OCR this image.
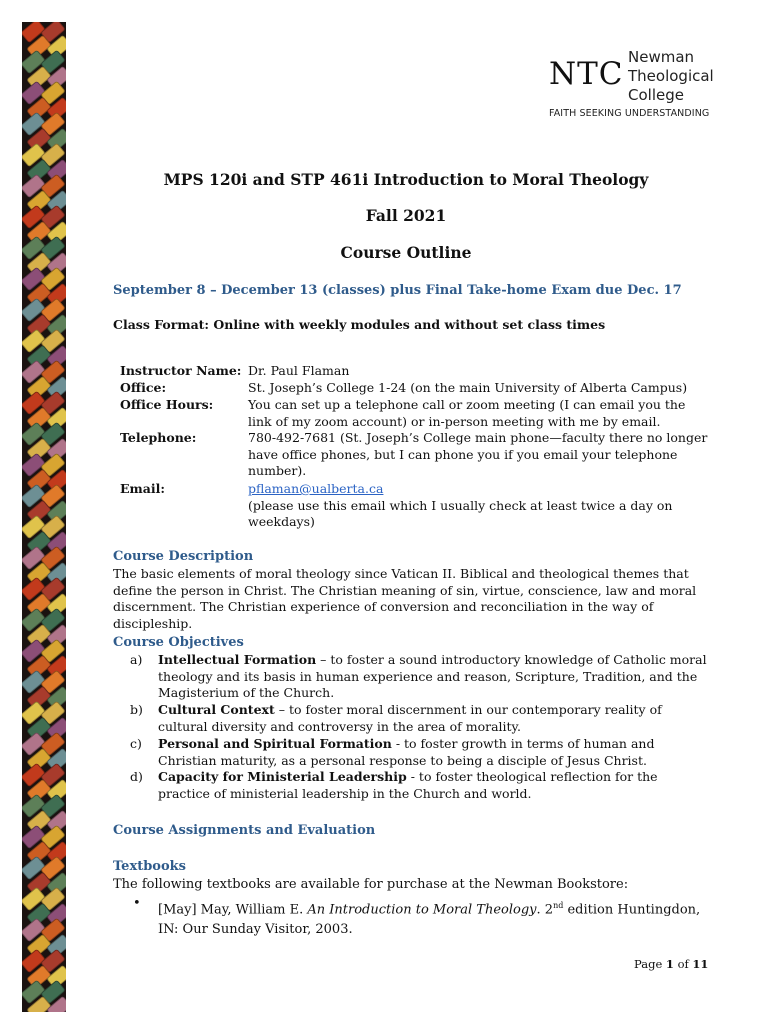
NTC Newman
Theological
College
FAITH SEEKING UNDERSTANDING
MPS 120i and STP 461i Introduction to Moral Theology
Fall 2021
Course Outline
September 8 – December 13 (classes) plus Final Take-home Exam due Dec. 17
Class Format: Online with weekly modules and without set class times
Instructor Name: Dr. Paul Flaman
Office:	St. Joseph’s College 1-24 (on the main University of Alberta Campus)
Office Hours:	You can set up a telephone call or zoom meeting (I can email you the link of my zoom account) or in-person meeting with me by email.
Telephone:	780-492-7681 (St. Joseph’s College main phone—faculty there no longer have office phones, but I can phone you if you email your telephone number).
Email:	pflaman@ualberta.ca
(please use this email which I usually check at least twice a day on weekdays)
Course Description
The basic elements of moral theology since Vatican II. Biblical and theological themes that define the person in Christ. The Christian meaning of sin, virtue, conscience, law and moral discernment. The Christian experience of conversion and reconciliation in the way of discipleship.
Course Objectives
a)	Intellectual Formation – to foster a sound introductory knowledge of Catholic moral theology and its basis in human experience and reason, Scripture, Tradition, and the Magisterium of the Church.
b)	Cultural Context – to foster moral discernment in our contemporary reality of cultural diversity and controversy in the area of morality.
c)	Personal and Spiritual Formation - to foster growth in terms of human and Christian maturity, as a personal response to being a disciple of Jesus Christ.
d)	Capacity for Ministerial Leadership - to foster theological reflection for the practice of ministerial leadership in the Church and world.
Course Assignments and Evaluation
Textbooks
The following textbooks are available for purchase at the Newman Bookstore:
• [May] May, William E. An Introduction to Moral Theology. 2nd edition Huntingdon, IN: Our Sunday Visitor, 2003.
Page 1 of 11
